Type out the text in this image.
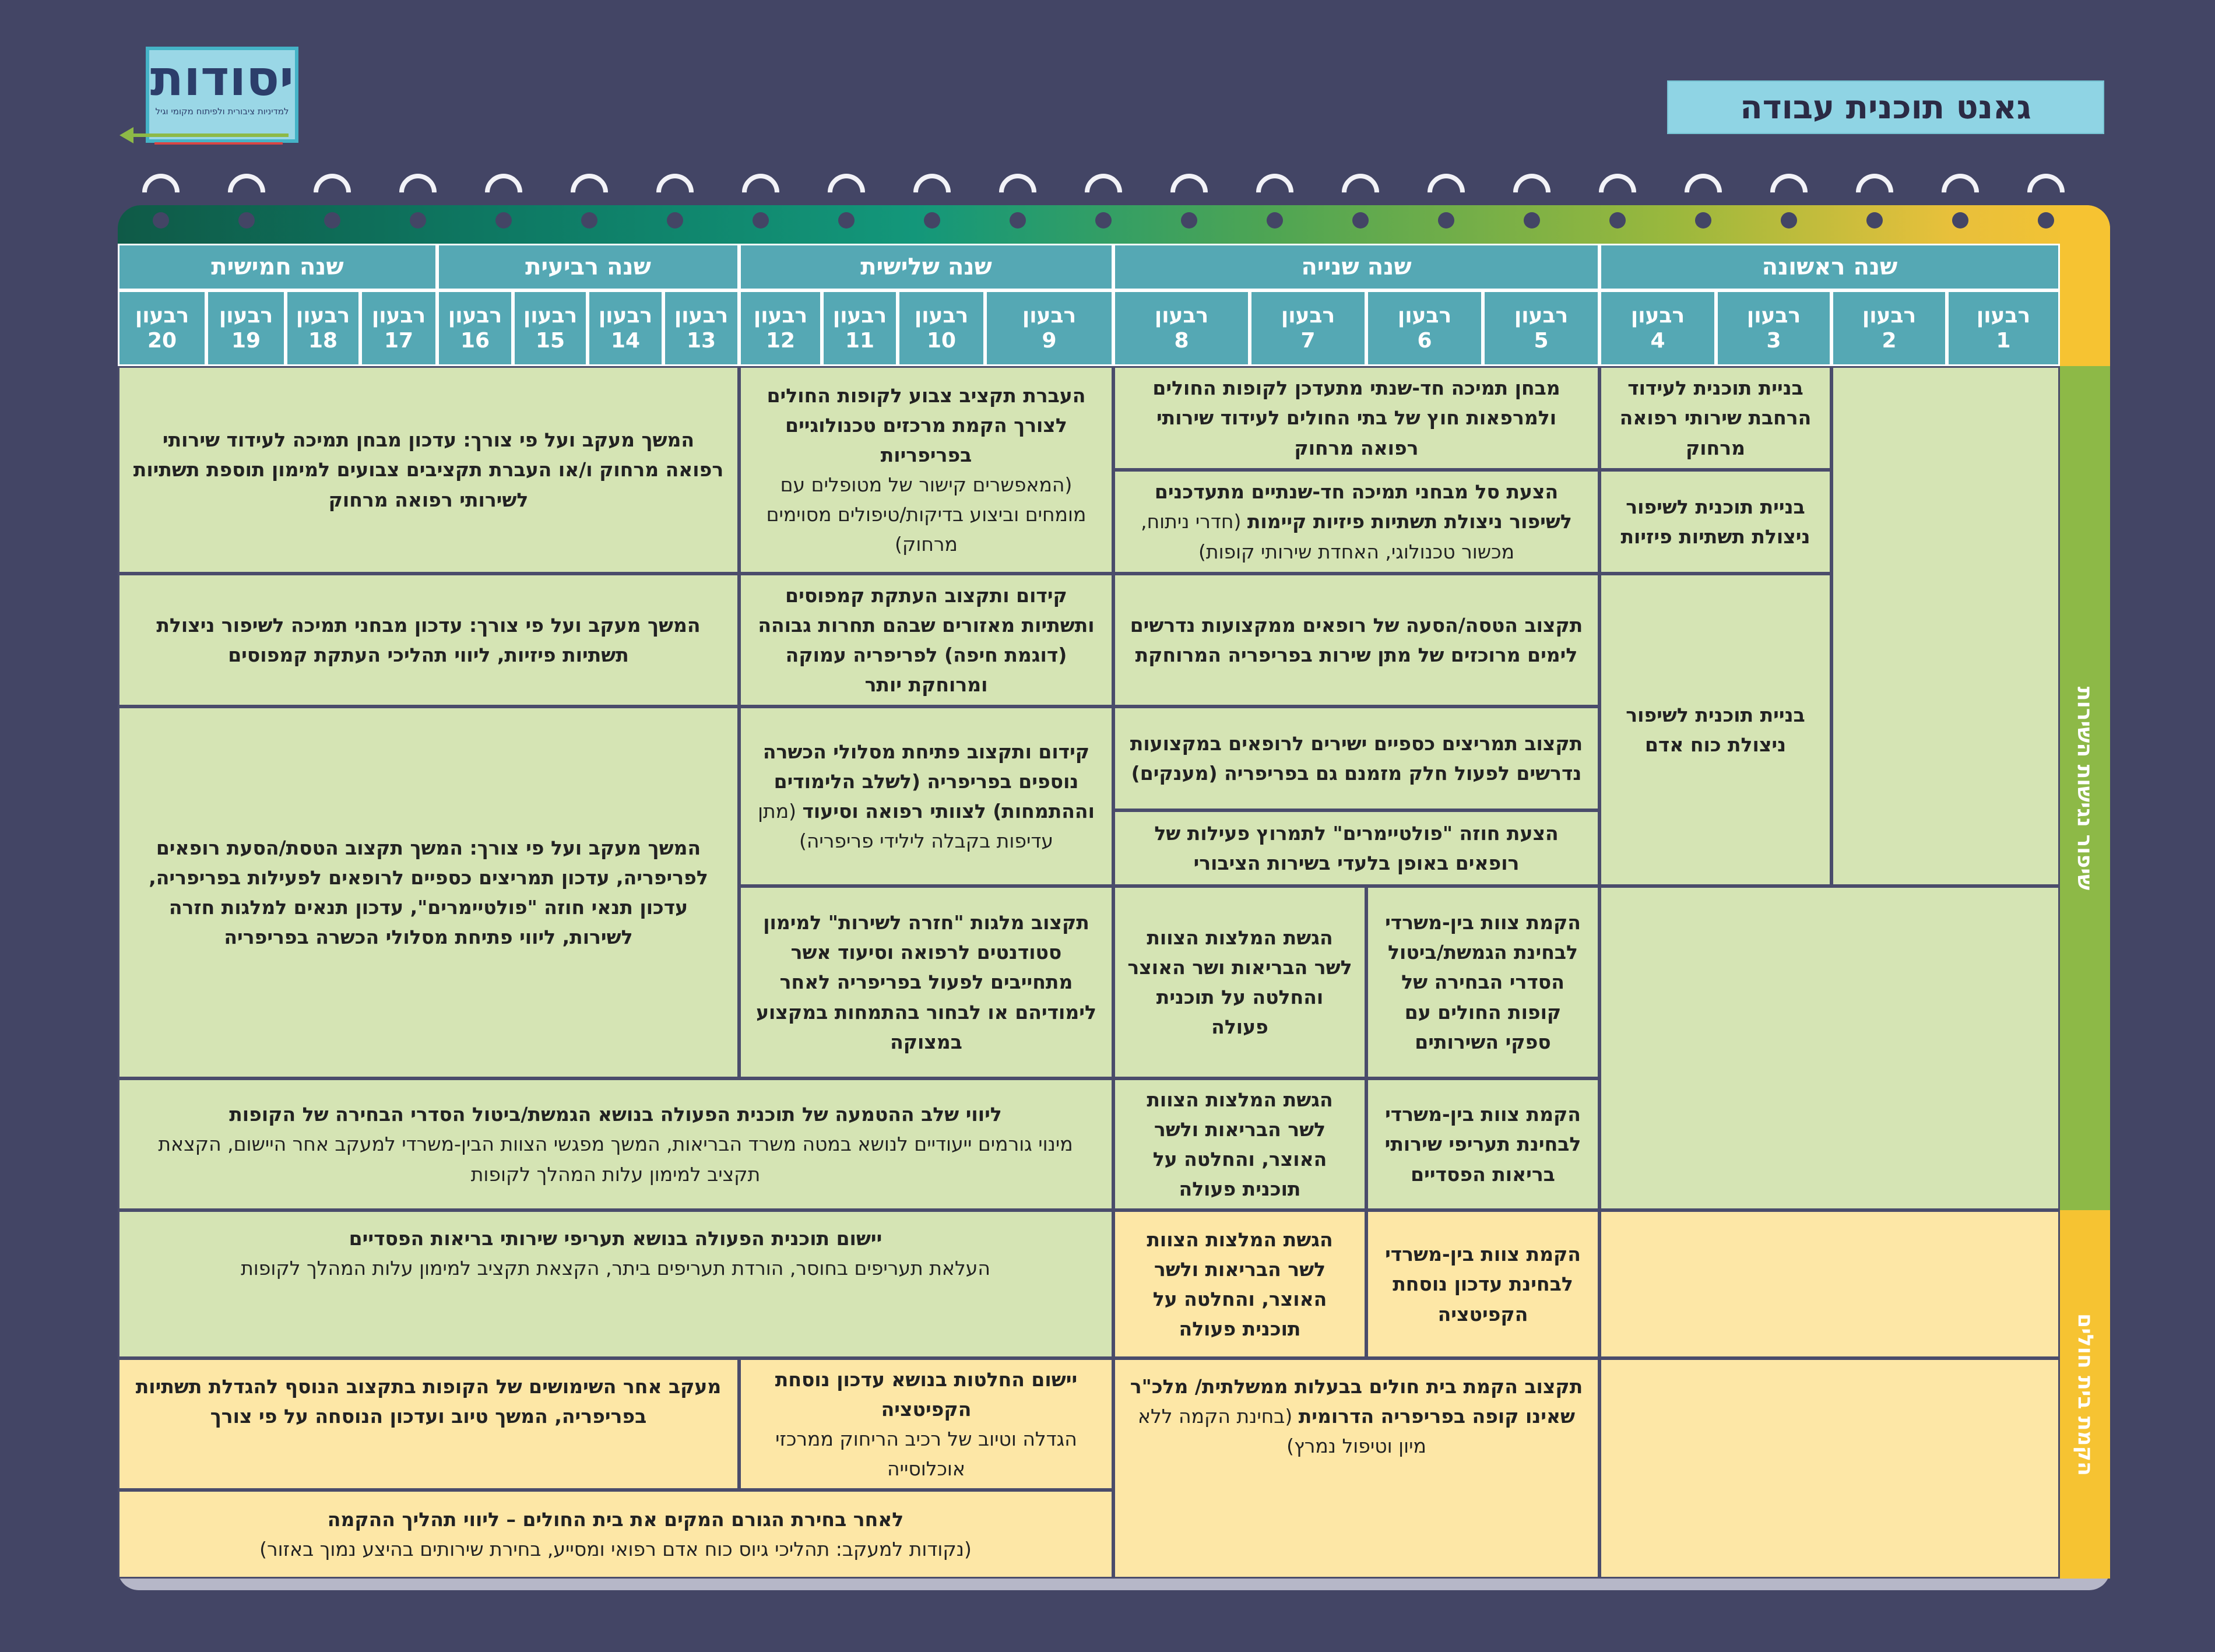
יסודות
למדיניות ציבורית ולפיתוח מקומי וגיל	גאנט תוכנית עבודה
שנה ראשונה
שנה שנייה
שנה שלישית
שנה רביעית
שנה חמישית
רבעון
1
רבעון
2
רבעון
3
רבעון
4
רבעון
5
רבעון
6
רבעון
7
רבעון
8
רבעון
9
רבעון
10
רבעון
11
רבעון
12
רבעון
13
רבעון
14
רבעון
15
רבעון
16
רבעון
17
רבעון
18
רבעון
19
רבעון
20
שיפור נגישות השירות
הקמת בית חולים
בניית תוכנית לעידוד הרחבת שירותי רפואה מרחוק
בניית תוכנית לשיפור ניצולת תשתיות פיזיות
בניית תוכנית לשיפור ניצולת כוח אדם
מבחן תמיכה חד-שנתי מתעדכן לקופות החולים ולמרפאות חוץ של בתי החולים לעידוד שירותי רפואה מרחוק
הצעת סל מבחני תמיכה חד-שנתיים מתעדכנים לשיפור ניצולת תשתיות פיזיות קיימות (חדרי ניתוח, מכשור טכנולוגי, האחדת שירותי קופות)
תקצוב הטסה/הסעה של רופאים ממקצועות נדרשים לימים מרוכזים של מתן שירות בפריפריה המרוחקת
תקצוב תמריצים כספיים ישירים לרופאים במקצועות נדרשים לפעול חלק מזמנם גם בפריפריה (מענקים)
הצעת חוזה "פולטיימרים" לתמרוץ פעילות של רופאים באופן בלעדי בשירות הציבורי
הקמת צוות בין-משרדי לבחינת הגמשת/ביטול הסדרי הבחירה של קופות החולים עם ספקי השירותים
הגשת המלצות הצוות לשר הבריאות ושר האוצר והחלטה על תוכנית פעולה
הקמת צוות בין-משרדי לבחינת תעריפי שירותי בריאות הפסדיים
הגשת המלצות הצוות לשר הבריאות ולשר האוצר, והחלטה על תוכנית פעולה
הקמת צוות בין-משרדי לבחינת עדכון נוסחת הקפיטציה
הגשת המלצות הצוות לשר הבריאות ולשר האוצר, והחלטה על תוכנית פעולה
תקצוב הקמת בית חולים בבעלות ממשלתית/ מלכ"ר שאינו קופה בפריפריה הדרומית (בחינת הקמה ללא מיון וטיפול נמרץ)
העברת תקציב צבוע לקופות החולים לצורך הקמת מרכזים טכנולוגיים בפריפריות
(המאפשרים קישור של מטופלים עם מומחים וביצוע בדיקות/טיפולים מסוימים מרחוק)
קידום ותקצוב העתקת קמפוסים ותשתיות מאזורים שבהם תחרות גבוהה (דוגמת חיפה) לפריפריה עמוקה ומרוחקת יותר
קידום ותקצוב פתיחת מסלולי הכשרה נוספים בפריפריה (לשלב הלימודים וההתמחות) לצוותי רפואה וסיעוד (מתן עדיפות בקבלה לילידי פריפריה)
תקצוב מלגות "חזרה לשירות" למימון סטודנטים לרפואה וסיעוד אשר מתחייבים לפעול בפריפריה לאחר לימודיהם או לבחור בהתמחות במקצוע במצוקה
יישום החלטות בנושא עדכון נוסחת הקפיטציה
הגדלה וטיוב של רכיב הריחוק ממרכזי אוכלוסייה
המשך מעקב ועל פי צורך: עדכון מבחן תמיכה לעידוד שירותי רפואה מרחוק ו/או העברת תקציבים צבועים למימון תוספת תשתיות לשירותי רפואה מרחוק
המשך מעקב ועל פי צורך: עדכון מבחני תמיכה לשיפור ניצולת תשתיות פיזיות, ליווי תהליכי העתקת קמפוסים
המשך מעקב ועל פי צורך: המשך תקצוב הטסת/הסעת רופאים לפריפריה, עדכון תמריצים כספיים לרופאים לפעילות בפריפריה, עדכון תנאי חוזה "פולטיימרים", עדכון תנאים למלגות חזרה לשירות, ליווי פתיחת מסלולי הכשרה בפריפריה
ליווי שלב ההטמעה של תוכנית הפעולה בנושא הגמשת/ביטול הסדרי הבחירה של הקופות
מינוי גורמים ייעודיים לנושא במטה משרד הבריאות, המשך מפגשי הצוות הבין-משרדי למעקב אחר היישום, הקצאת תקציב למימון עלות המהלך לקופות
יישום תוכנית הפעולה בנושא תעריפי שירותי בריאות הפסדיים
העלאת תעריפים בחוסר, הורדת תעריפים ביתר, הקצאת תקציב למימון עלות המהלך לקופות
מעקב אחר השימושים של הקופות בתקצוב הנוסף להגדלת תשתיות בפריפריה, המשך טיוב ועדכון הנוסחה על פי צורך
לאחר בחירת הגורם המקים את בית החולים – ליווי תהליך ההקמה
(נקודות למעקב: תהליכי גיוס כוח אדם רפואי ומסייע, בחירת שירותים בהיצע נמוך באזור)
